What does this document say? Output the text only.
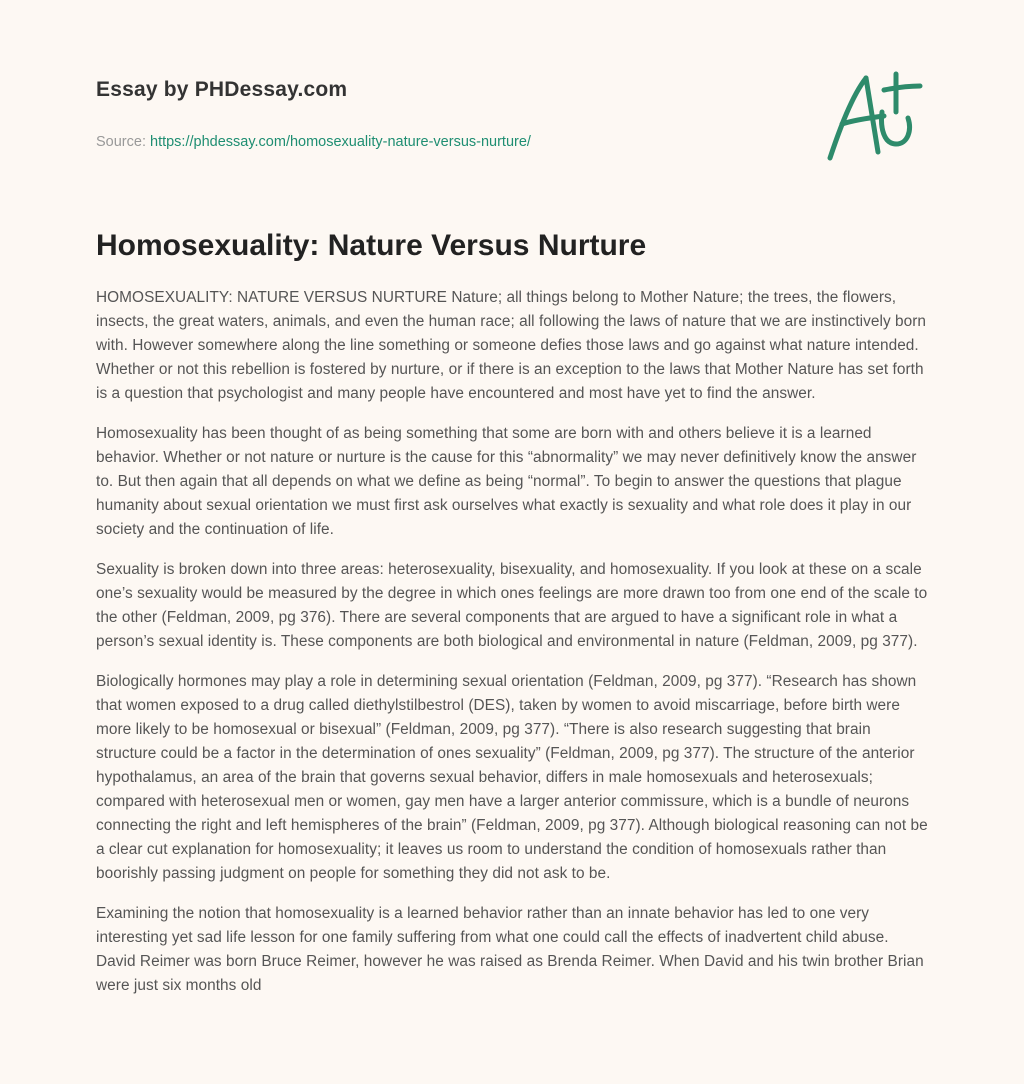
Essay by PHDessay.com
Source: https://phdessay.com/homosexuality-nature-versus-nurture/
Homosexuality: Nature Versus Nurture

HOMOSEXUALITY: NATURE VERSUS NURTURE Nature; all things belong to Mother Nature; the trees, the flowers, insects, the great waters, animals, and even the human race; all following the laws of nature that we are instinctively born with. However somewhere along the line something or someone defies those laws and go against what nature intended. Whether or not this rebellion is fostered by nurture, or if there is an exception to the laws that Mother Nature has set forth is a question that psychologist and many people have encountered and most have yet to find the answer.

Homosexuality has been thought of as being something that some are born with and others believe it is a learned behavior. Whether or not nature or nurture is the cause for this “abnormality” we may never definitively know the answer to. But then again that all depends on what we define as being “normal”. To begin to answer the questions that plague humanity about sexual orientation we must first ask ourselves what exactly is sexuality and what role does it play in our society and the continuation of life.

Sexuality is broken down into three areas: heterosexuality, bisexuality, and homosexuality. If you look at these on a scale one’s sexuality would be measured by the degree in which ones feelings are more drawn too from one end of the scale to the other (Feldman, 2009, pg 376). There are several components that are argued to have a significant role in what a person’s sexual identity is. These components are both biological and environmental in nature (Feldman, 2009, pg 377).

Biologically hormones may play a role in determining sexual orientation (Feldman, 2009, pg 377). “Research has shown that women exposed to a drug called diethylstilbestrol (DES), taken by women to avoid miscarriage, before birth were more likely to be homosexual or bisexual” (Feldman, 2009, pg 377). “There is also research suggesting that brain structure could be a factor in the determination of ones sexuality” (Feldman, 2009, pg 377). The structure of the anterior hypothalamus, an area of the brain that governs sexual behavior, differs in male homosexuals and heterosexuals; compared with heterosexual men or women, gay men have a larger anterior commissure, which is a bundle of neurons connecting the right and left hemispheres of the brain” (Feldman, 2009, pg 377). Although biological reasoning can not be a clear cut explanation for homosexuality; it leaves us room to understand the condition of homosexuals rather than boorishly passing judgment on people for something they did not ask to be.

Examining the notion that homosexuality is a learned behavior rather than an innate behavior has led to one very interesting yet sad life lesson for one family suffering from what one could call the effects of inadvertent child abuse. David Reimer was born Bruce Reimer, however he was raised as Brenda Reimer. When David and his twin brother Brian were just six months old
